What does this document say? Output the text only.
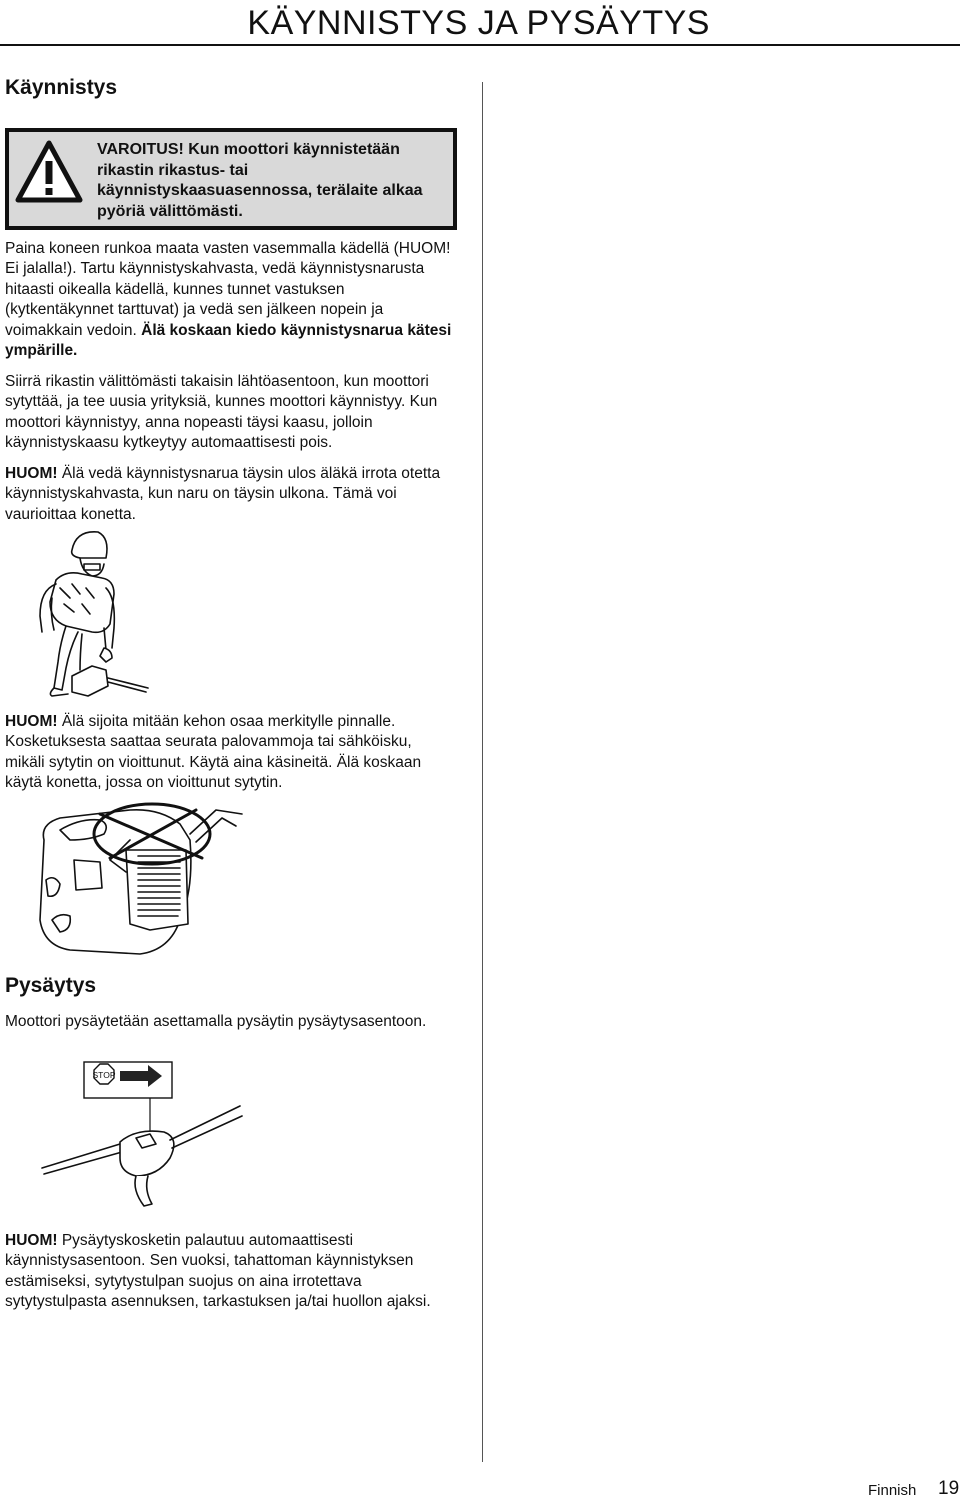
KÄYNNISTYS JA PYSÄYTYS
Käynnistys
VAROITUS! Kun moottori käynnistetään rikastin rikastus- tai käynnistyskaasuasennossa, terälaite alkaa pyöriä välittömästi.

Paina koneen runkoa maata vasten vasemmalla kädellä (HUOM! Ei jalalla!). Tartu käynnistyskahvasta, vedä käynnistysnarusta hitaasti oikealla kädellä, kunnes tunnet vastuksen (kytkentäkynnet tarttuvat) ja vedä sen jälkeen nopein ja voimakkain vedoin. Älä koskaan kiedo käynnistysnarua kätesi ympärille.

Siirrä rikastin välittömästi takaisin lähtöasentoon, kun moottori sytyttää, ja tee uusia yrityksiä, kunnes moottori käynnistyy. Kun moottori käynnistyy, anna nopeasti täysi kaasu, jolloin käynnistyskaasu kytkeytyy automaattisesti pois.

HUOM! Älä vedä käynnistysnarua täysin ulos äläkä irrota otetta käynnistyskahvasta, kun naru on täysin ulkona. Tämä voi vaurioittaa konetta.

HUOM! Älä sijoita mitään kehon osaa merkitylle pinnalle. Kosketuksesta saattaa seurata palovammoja tai sähköisku, mikäli sytytin on vioittunut. Käytä aina käsineitä. Älä koskaan käytä konetta, jossa on vioittunut sytytin.

Pysäytys

Moottori pysäytetään asettamalla pysäytin pysäytysasentoon.

STOP

HUOM! Pysäytyskosketin palautuu automaattisesti käynnistysasentoon. Sen vuoksi, tahattoman käynnistyksen estämiseksi, sytytystulpan suojus on aina irrotettava sytytystulpasta asennuksen, tarkastuksen ja/tai huollon ajaksi.

Finnish 19
